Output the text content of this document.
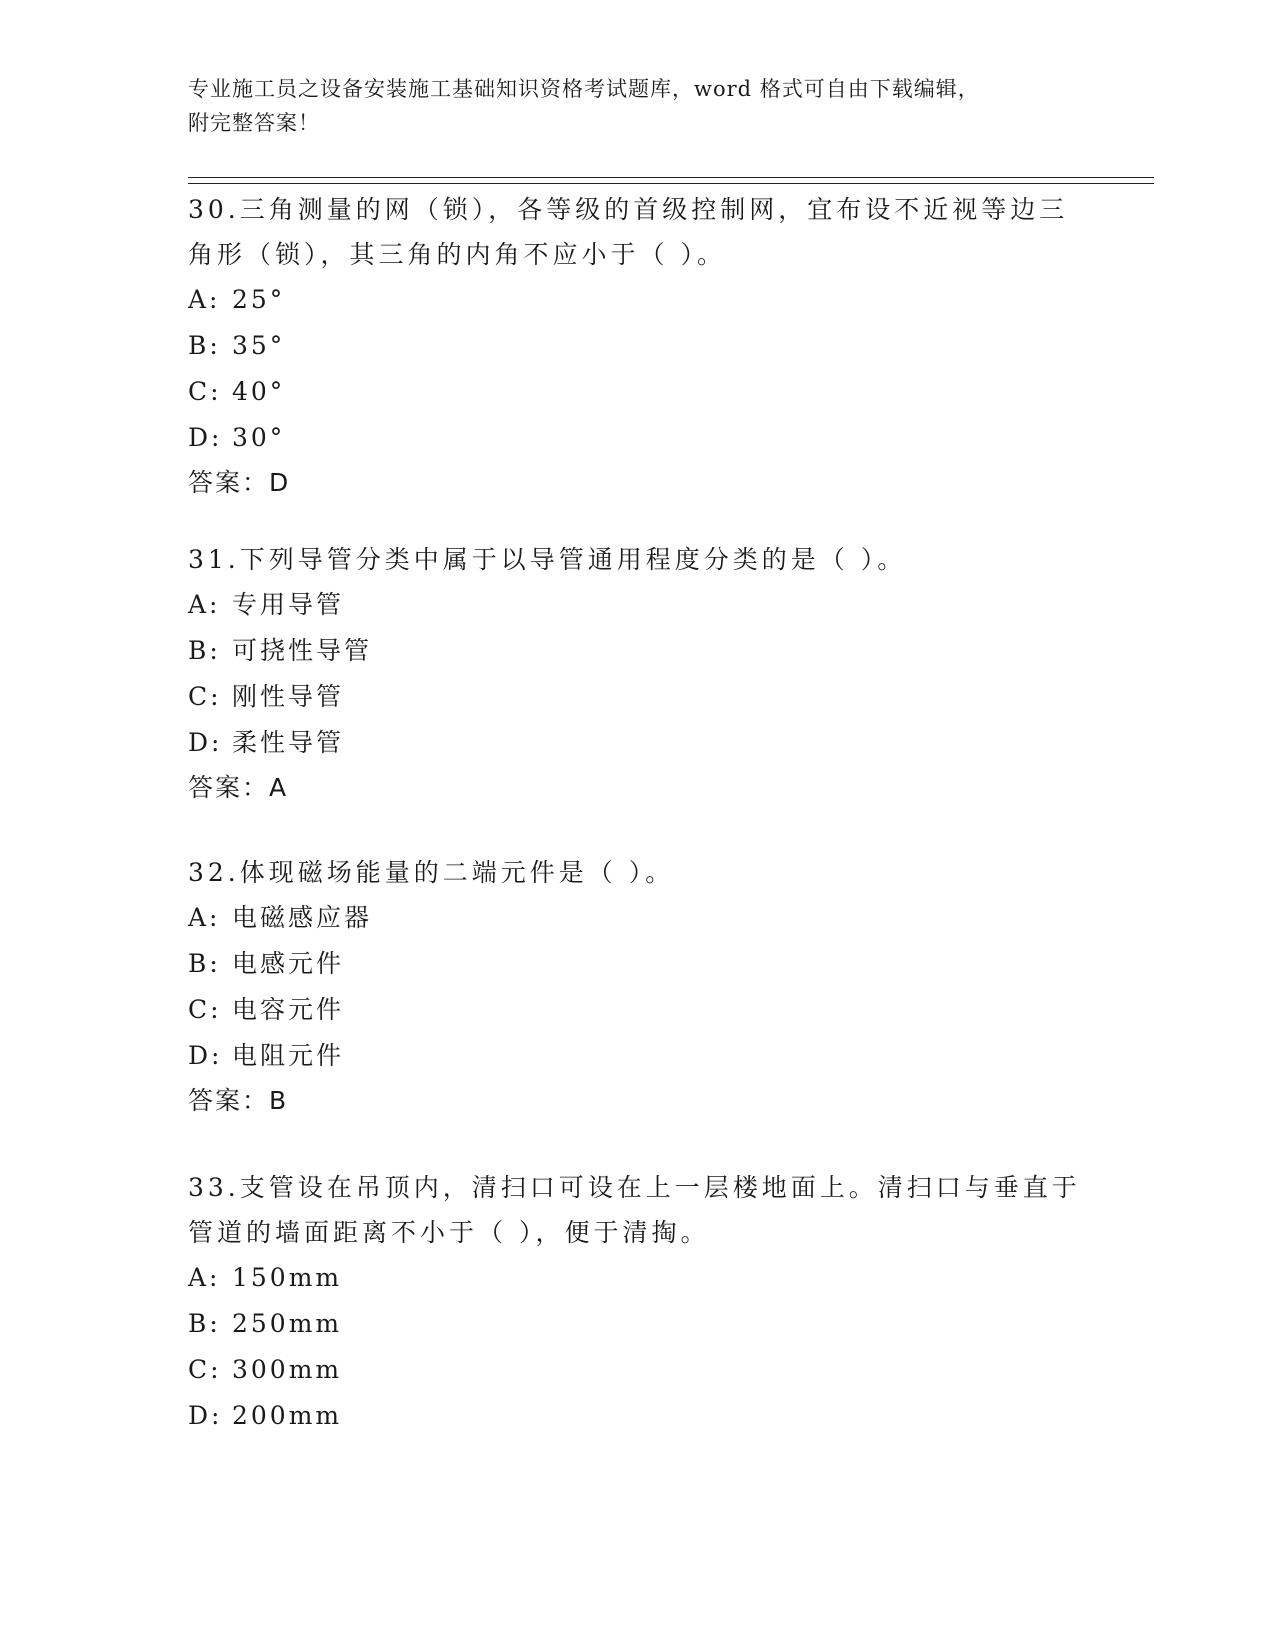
专业施工员之设备安装施工基础知识资格考试题库，word 格式可自由下载编辑，
附完整答案！
30.三角测量的网（锁），各等级的首级控制网，宜布设不近视等边三
角形（锁），其三角的内角不应小于（ ）。
A: 25°
B: 35°
C: 40°
D: 30°
答案：D
31.下列导管分类中属于以导管通用程度分类的是（ ）。
A: 专用导管
B: 可挠性导管
C: 刚性导管
D: 柔性导管
答案：A
32.体现磁场能量的二端元件是（ ）。
A: 电磁感应器
B: 电感元件
C: 电容元件
D: 电阻元件
答案：B
33.支管设在吊顶内，清扫口可设在上一层楼地面上。清扫口与垂直于
管道的墙面距离不小于（ ），便于清掏。
A: 150mm
B: 250mm
C: 300mm
D: 200mm
